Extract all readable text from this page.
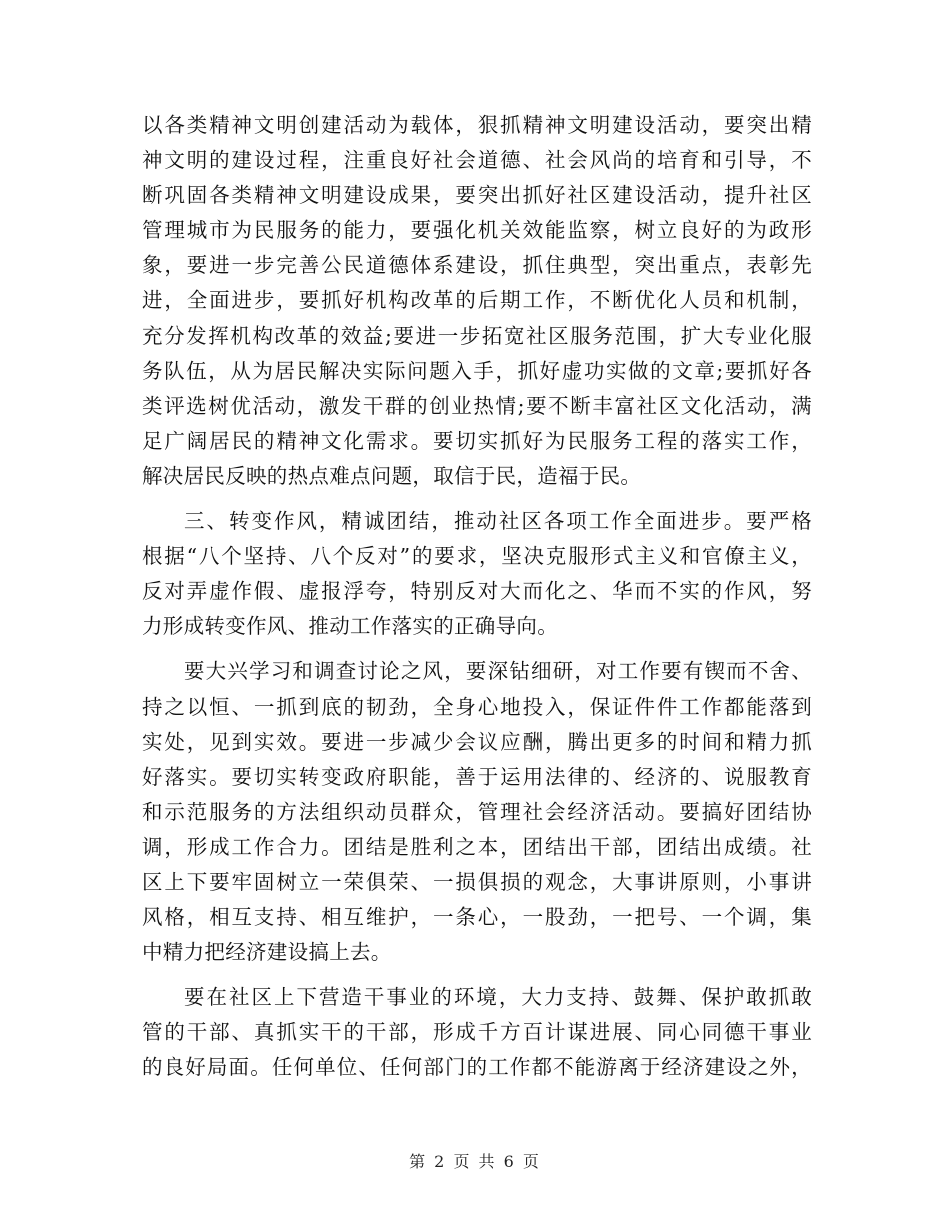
以各类精神文明创建活动为载体，狠抓精神文明建设活动，要突出精
神文明的建设过程，注重良好社会道德、社会风尚的培育和引导，不
断巩固各类精神文明建设成果，要突出抓好社区建设活动，提升社区
管理城市为民服务的能力，要强化机关效能监察，树立良好的为政形
象，要进一步完善公民道德体系建设，抓住典型，突出重点，表彰先
进，全面进步，要抓好机构改革的后期工作，不断优化人员和机制，
充分发挥机构改革的效益;要进一步拓宽社区服务范围，扩大专业化服
务队伍，从为居民解决实际问题入手，抓好虚功实做的文章;要抓好各
类评选树优活动，激发干群的创业热情;要不断丰富社区文化活动，满
足广阔居民的精神文化需求。要切实抓好为民服务工程的落实工作，
解决居民反映的热点难点问题，取信于民，造福于民。
三、转变作风，精诚团结，推动社区各项工作全面进步。要严格
根据“八个坚持、八个反对”的要求，坚决克服形式主义和官僚主义，
反对弄虚作假、虚报浮夸，特别反对大而化之、华而不实的作风，努
力形成转变作风、推动工作落实的正确导向。
要大兴学习和调查讨论之风，要深钻细研，对工作要有锲而不舍、
持之以恒、一抓到底的韧劲，全身心地投入，保证件件工作都能落到
实处，见到实效。要进一步减少会议应酬，腾出更多的时间和精力抓
好落实。要切实转变政府职能，善于运用法律的、经济的、说服教育
和示范服务的方法组织动员群众，管理社会经济活动。要搞好团结协
调，形成工作合力。团结是胜利之本，团结出干部，团结出成绩。社
区上下要牢固树立一荣俱荣、一损俱损的观念，大事讲原则，小事讲
风格，相互支持、相互维护，一条心，一股劲，一把号、一个调，集
中精力把经济建设搞上去。
要在社区上下营造干事业的环境，大力支持、鼓舞、保护敢抓敢
管的干部、真抓实干的干部，形成千方百计谋进展、同心同德干事业
的良好局面。任何单位、任何部门的工作都不能游离于经济建设之外，
第 2 页 共 6 页
